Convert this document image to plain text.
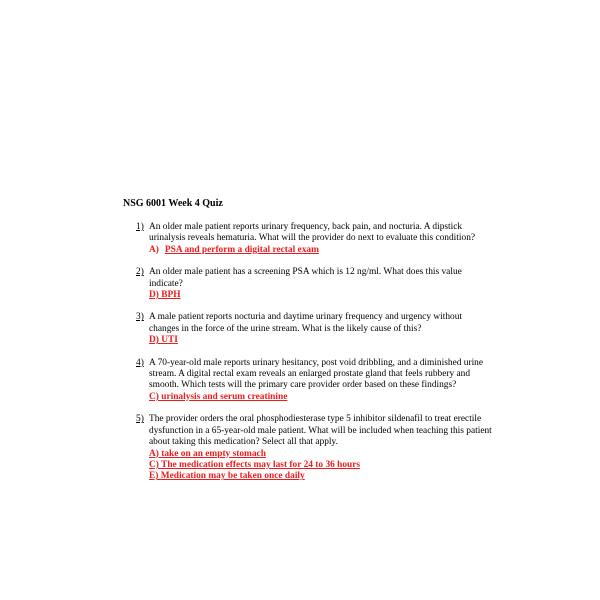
NSG 6001 Week 4 Quiz
1) An older male patient reports urinary frequency, back pain, and nocturia. A dipstick urinalysis reveals hematuria. What will the provider do next to evaluate this condition?
A) PSA and perform a digital rectal exam
2) An older male patient has a screening PSA which is 12 ng/ml. What does this value indicate?
D) BPH
3) A male patient reports nocturia and daytime urinary frequency and urgency without changes in the force of the urine stream. What is the likely cause of this?
D) UTI
4) A 70-year-old male reports urinary hesitancy, post void dribbling, and a diminished urine stream. A digital rectal exam reveals an enlarged prostate gland that feels rubbery and smooth. Which tests will the primary care provider order based on these findings?
C) urinalysis and serum creatinine
5) The provider orders the oral phosphodiesterase type 5 inhibitor sildenafil to treat erectile dysfunction in a 65-year-old male patient. What will be included when teaching this patient about taking this medication? Select all that apply.
A) take on an empty stomach
C) The medication effects may last for 24 to 36 hours
E) Medication may be taken once daily
